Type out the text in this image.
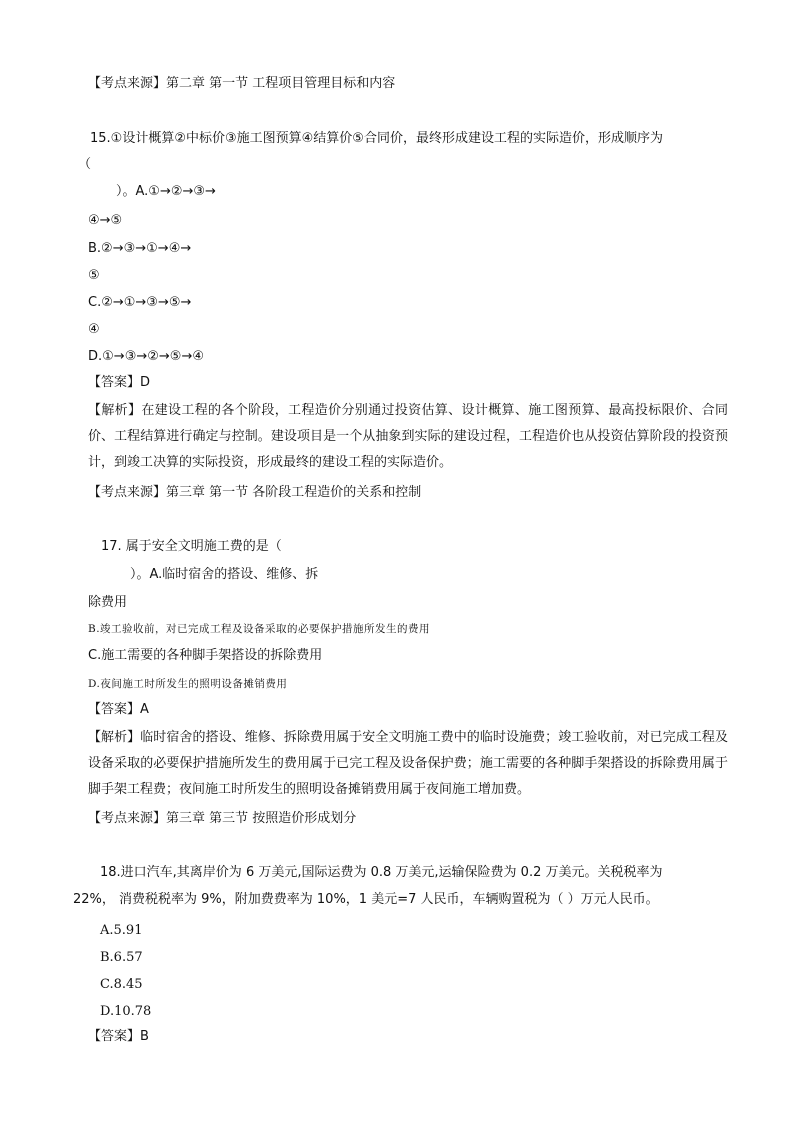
【考点来源】第二章 第一节 工程项目管理目标和内容
15.①设计概算②中标价③施工图预算④结算价⑤合同价，最终形成建设工程的实际造价，形成顺序为
（
）。A.①→②→③→
④→⑤
B.②→③→①→④→
⑤
C.②→①→③→⑤→
④
D.①→③→②→⑤→④
【答案】D
【解析】在建设工程的各个阶段，工程造价分别通过投资估算、设计概算、施工图预算、最高投标限价、合同价、工程结算进行确定与控制。建设项目是一个从抽象到实际的建设过程，工程造价也从投资估算阶段的投资预计，到竣工决算的实际投资，形成最终的建设工程的实际造价。
【考点来源】第三章 第一节 各阶段工程造价的关系和控制
17. 属于安全文明施工费的是（
）。A.临时宿舍的搭设、维修、拆
除费用
B.竣工验收前，对已完成工程及设备采取的必要保护措施所发生的费用
C.施工需要的各种脚手架搭设的拆除费用
D.夜间施工时所发生的照明设备摊销费用
【答案】A
【解析】临时宿舍的搭设、维修、拆除费用属于安全文明施工费中的临时设施费；竣工验收前，对已完成工程及设备采取的必要保护措施所发生的费用属于已完工程及设备保护费；施工需要的各种脚手架搭设的拆除费用属于脚手架工程费；夜间施工时所发生的照明设备摊销费用属于夜间施工增加费。
【考点来源】第三章 第三节 按照造价形成划分
18.进口汽车,其离岸价为 6 万美元,国际运费为 0.8 万美元,运输保险费为 0.2 万美元。关税税率为
22%， 消费税税率为 9%，附加费费率为 10%，1 美元=7 人民币，车辆购置税为（ ）万元人民币。
A.5.91
B.6.57
C.8.45
D.10.78
【答案】B
